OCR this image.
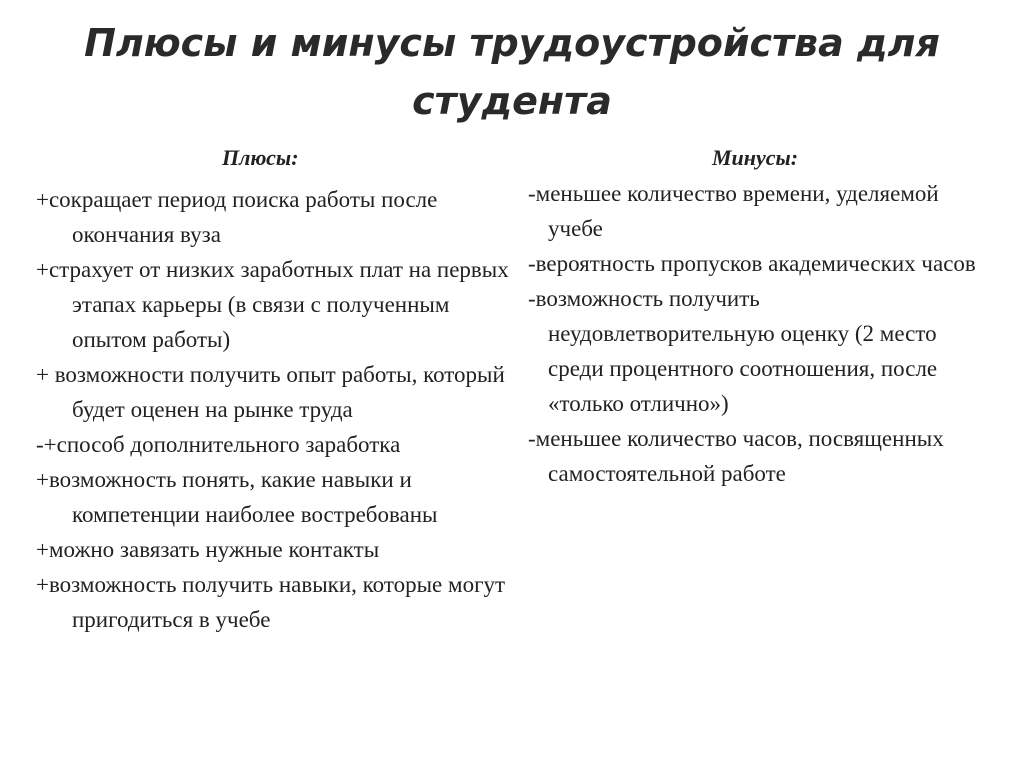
Плюсы и минусы трудоустройства для студента

Плюсы:

+сокращает период поиска работы после окончания вуза
+страхует от низких заработных плат на первых этапах карьеры (в связи с полученным опытом работы)
+ возможности получить опыт работы, который будет оценен на рынке труда
-+способ дополнительного заработка
+возможность понять, какие навыки и компетенции наиболее востребованы
+можно завязать нужные контакты
+возможность получить навыки, которые могут пригодиться в учебе

Минусы:

-меньшее количество времени, уделяемой учебе
-вероятность пропусков академических часов
-возможность получить неудовлетворительную оценку (2 место среди процентного соотношения, после «только отлично»)
-меньшее количество часов, посвященных самостоятельной работе
